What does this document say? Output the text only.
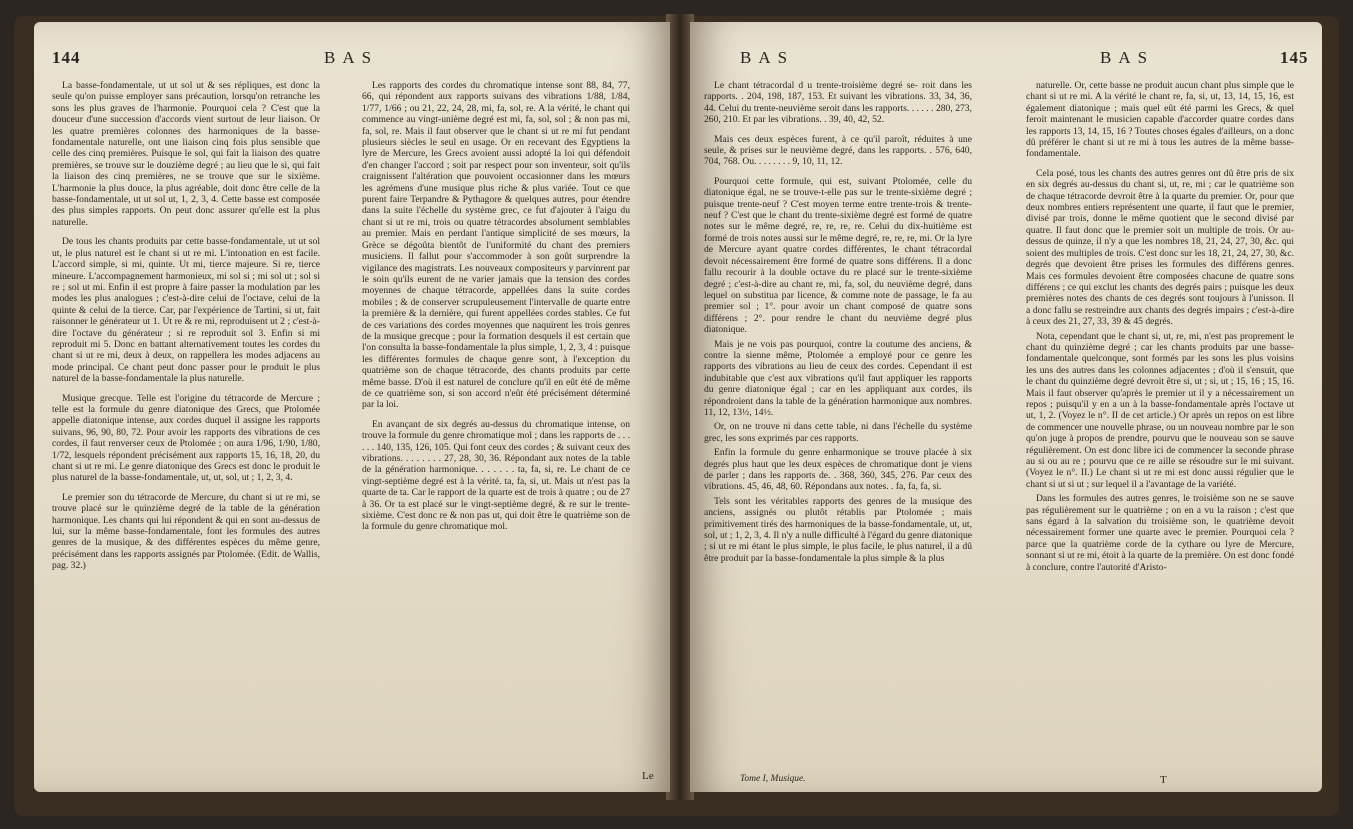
144	BAS

La basse-fondamentale, ut ut sol ut & ses répliques, est donc la seule qu'on puisse employer sans précaution, lorsqu'on retranche les sons les plus graves de l'harmonie. Pourquoi cela ? C'est que la douceur d'une succession d'accords vient surtout de leur liaison. Or les quatre premières colonnes des harmoniques de la basse-fondamentale naturelle, ont une liaison cinq fois plus sensible que celle des cinq premières. Puisque le sol, qui fait la liaison des quatre premières, se trouve sur le douzième degré ; au lieu que le si, qui fait la liaison des cinq premières, ne se trouve que sur le sixième. L'harmonie la plus douce, la plus agréable, doit donc être celle de la basse-fondamentale, ut ut sol ut, 1, 2, 3, 4. Cette basse est composée des plus simples rapports. On peut donc assurer qu'elle est la plus naturelle.

De tous les chants produits par cette basse-fondamentale, ut ut sol ut, le plus naturel est le chant si ut re mi. L'intonation en est facile. L'accord simple, si mi, quinte. Ut mi, tierce majeure. Si re, tierce mineure. L'accompagnement harmonieux, mi sol si ; mi sol ut ; sol si re ; sol ut mi. Enfin il est propre à faire passer la modulation par les modes les plus analogues ; c'est-à-dire celui de l'octave, celui de la quinte & celui de la tierce. Car, par l'expérience de Tartini, si ut, fait raisonner le générateur ut 1. Ut re & re mi, reproduisent ut 2 ; c'est-à-dire l'octave du générateur ; si re reproduit sol 3. Enfin si mi reproduit mi 5. Donc en battant alternativement toutes les cordes du chant si ut re mi, deux à deux, on rappellera les modes adjacens au mode principal. Ce chant peut donc passer pour le produit le plus naturel de la basse-fondamentale la plus naturelle.

Musique grecque. Telle est l'origine du tétracorde de Mercure ; telle est la formule du genre diatonique des Grecs, que Ptolomée appelle diatonique intense, aux cordes duquel il assigne les rapports suivans, 96, 90, 80, 72. Pour avoir les rapports des vibrations de ces cordes, il faut renverser ceux de Ptolomée ; on aura 1/96, 1/90, 1/80, 1/72, lesquels répondent précisément aux rapports 15, 16, 18, 20, du chant si ut re mi. Le genre diatonique des Grecs est donc le produit le plus naturel de la basse-fondamentale, ut, ut, sol, ut ; 1, 2, 3, 4.

Le premier son du tétracorde de Mercure, du chant si ut re mi, se trouve placé sur le quinzième degré de la table de la génération harmonique. Les chants qui lui répondent & qui en sont au-dessus de lui, sur la même basse-fondamentale, font les formules des autres genres de la musique, & des différentes espèces du même genre, précisément dans les rapports assignés par Ptolomée. (Edit. de Wallis, pag. 32.)

Les rapports des cordes du chromatique intense sont 88, 84, 77, 66, qui répondent aux rapports suivans des vibrations 1/88, 1/84, 1/77, 1/66 ; ou 21, 22, 24, 28, mi, fa, sol, re. A la vérité, le chant qui commence au vingt-unième degré est mi, fa, sol, sol ; & non pas mi, fa, sol, re. Mais il faut observer que le chant si ut re mi fut pendant plusieurs siècles le seul en usage. Or en recevant des Egyptiens la lyre de Mercure, les Grecs avoient aussi adopté la loi qui défendoit d'en changer l'accord ; soit par respect pour son inventeur, soit qu'ils craignissent l'altération que pouvoient occasionner dans les mœurs les agrémens d'une musique plus riche & plus variée. Tout ce que purent faire Terpandre & Pythagore & quelques autres, pour étendre dans la suite l'échelle du système grec, ce fut d'ajouter à l'aigu du chant si ut re mi, trois ou quatre tétracordes absolument semblables au premier. Mais en perdant l'antique simplicité de ses mœurs, la Grèce se dégoûta bientôt de l'uniformité du chant des premiers musiciens. Il fallut pour s'accommoder à son goût surprendre la vigilance des magistrats. Les nouveaux compositeurs y parvinrent par le soin qu'ils eurent de ne varier jamais que la tension des cordes moyennes de chaque tétracorde, appellées dans la suite cordes mobiles ; & de conserver scrupuleusement l'intervalle de quarte entre la première & la dernière, qui furent appellées cordes stables. Ce fut de ces variations des cordes moyennes que naquirent les trois genres de la musique grecque ; pour la formation desquels il est certain que l'on consulta la basse-fondamentale la plus simple, 1, 2, 3, 4 : puisque les différentes formules de chaque genre sont, à l'exception du quatrième son de chaque tétracorde, des chants produits par cette même basse. D'où il est naturel de conclure qu'il en eût été de même de ce quatrième son, si son accord n'eût été précisément déterminé par la loi.

En avançant de six degrés au-dessus du chromatique intense, on trouve la formule du genre chromatique mol ; dans les rapports de . . . . . . 140, 135, 126, 105. Qui font ceux des cordes ; & suivant ceux des vibrations. . . . . . . . 27, 28, 30, 36. Répondant aux notes de la table de la génération harmonique. . . . . . . ta, fa, si, re. Le chant de ce vingt-septième degré est à la vérité. ta, fa, si, ut. Mais ut n'est pas la quarte de ta. Car le rapport de la quarte est de trois à quatre ; ou de 27 à 36. Or ta est placé sur le vingt-septième degré, & re sur le trente-sixième. C'est donc re & non pas ut, qui doit être le quatrième son de la formule du genre chromatique mol.

Le
BAS	BAS	145

Le chant tétracordal d u trente-troisième degré se- roit dans les rapports. . 204, 198, 187, 153. Et suivant les vibrations. 33, 34, 36, 44. Celui du trente-neuvième seroit dans les rapports. . . . . . 280, 273, 260, 210. Et par les vibrations. . 39, 40, 42, 52.

Mais ces deux espèces furent, à ce qu'il paroît, réduites à une seule, & prises sur le neuvième degré, dans les rapports. . 576, 640, 704, 768. Ou. . . . . . . . 9, 10, 11, 12.

Pourquoi cette formule, qui est, suivant Ptolomée, celle du diatonique égal, ne se trouve-t-elle pas sur le trente-sixième degré ; puisque trente-neuf ? C'est moyen terme entre trente-trois & trente-neuf ? C'est que le chant du trente-sixième degré est formé de quatre notes sur le même degré, re, re, re, re. Celui du dix-huitième est formé de trois notes aussi sur le même degré, re, re, re, mi. Or la lyre de Mercure ayant quatre cordes différentes, le chant tétracordal devoit nécessairement être formé de quatre sons différens. Il a donc fallu recourir à la double octave du re placé sur le trente-sixième degré ; c'est-à-dire au chant re, mi, fa, sol, du neuvième degré, dans lequel on substitua par licence, & comme note de passage, le fa au premier sol ; 1°. pour avoir un chant composé de quatre sons différens ; 2°. pour rendre le chant du neuvième degré plus diatonique.

Mais je ne vois pas pourquoi, contre la coutume des anciens, & contre la sienne même, Ptolomée a employé pour ce genre les rapports des vibrations au lieu de ceux des cordes. Cependant il est indubitable que c'est aux vibrations qu'il faut appliquer les rapports du genre diatonique égal ; car en les appliquant aux cordes, ils répondroient dans la table de la génération harmonique aux nombres. 11, 12, 13½, 14½.

Or, on ne trouve ni dans cette table, ni dans l'échelle du système grec, les sons exprimés par ces rapports.

Enfin la formule du genre enharmonique se trouve placée à six degrés plus haut que les deux espèces de chromatique dont je viens de parler ; dans les rapports de. . 368, 360, 345, 276. Par ceux des vibrations. 45, 46, 48, 60. Répondans aux notes. . fa, fa, fa, si.

Tels sont les véritables rapports des genres de la musique des anciens, assignés ou plutôt rétablis par Ptolomée ; mais primitivement tirés des harmoniques de la basse-fondamentale, ut, ut, sol, ut ; 1, 2, 3, 4. Il n'y a nulle difficulté à l'égard du genre diatonique ; si ut re mi étant le plus simple, le plus facile, le plus naturel, il a dû être produit par la basse-fondamentale la plus simple & la plus

naturelle. Or, cette basse ne produit aucun chant plus simple que le chant si ut re mi. A la vérité le chant re, fa, si, ut, 13, 14, 15, 16, est également diatonique ; mais quel eût été parmi les Grecs, & quel feroit maintenant le musicien capable d'accorder quatre cordes dans les rapports 13, 14, 15, 16 ? Toutes choses égales d'ailleurs, on a donc dû préférer le chant si ut re mi à tous les autres de la même basse-fondamentale.

Cela posé, tous les chants des autres genres ont dû être pris de six en six degrés au-dessus du chant si, ut, re, mi ; car le quatrième son de chaque tétracorde devroit être à la quarte du premier. Or, pour que deux nombres entiers représentent une quarte, il faut que le premier, divisé par trois, donne le même quotient que le second divisé par quatre. Il faut donc que le premier soit un multiple de trois. Or au-dessus de quinze, il n'y a que les nombres 18, 21, 24, 27, 30, &c. qui soient des multiples de trois. C'est donc sur les 18, 21, 24, 27, 30, &c. degrés que devoient être prises les formules des différens genres. Mais ces formules devoient être composées chacune de quatre sons différens ; ce qui exclut les chants des degrés pairs ; puisque les deux premières notes des chants de ces degrés sont toujours à l'unisson. Il a donc fallu se restreindre aux chants des degrés impairs ; c'est-à-dire à ceux des 21, 27, 33, 39 & 45 degrés.

Nota, cependant que le chant si, ut, re, mi, n'est pas proprement le chant du quinzième degré ; car les chants produits par une basse-fondamentale quelconque, sont formés par les sons les plus voisins les uns des autres dans les colonnes adjacentes ; d'où il s'ensuit, que le chant du quinzième degré devroit être si, ut ; si, ut ; 15, 16 ; 15, 16. Mais il faut observer qu'après le premier ut il y a nécessairement un repos ; puisqu'il y en a un à la basse-fondamentale après l'octave ut ut, 1, 2. (Voyez le n°. II de cet article.) Or après un repos on est libre de commencer une nouvelle phrase, ou un nouveau nombre par le son qu'on juge à propos de prendre, pourvu que le nouveau son se sauve régulièrement. On est donc libre ici de commencer la seconde phrase au si ou au re ; pourvu que ce re aille se résoudre sur le mi suivant. (Voyez le n°. II.) Le chant si ut re mi est donc aussi régulier que le chant si ut si ut ; sur lequel il a l'avantage de la variété.

Dans les formules des autres genres, le troisième son ne se sauve pas régulièrement sur le quatrième ; on en a vu la raison ; c'est que sans égard à la salvation du troisième son, le quatrième devoit nécessairement former une quarte avec le premier. Pourquoi cela ? parce que la quatrième corde de la cythare ou lyre de Mercure, sonnant si ut re mi, étoit à la quarte de la première. On est donc fondé à conclure, contre l'autorité d'Aristo-

Tome I, Musique.	T
